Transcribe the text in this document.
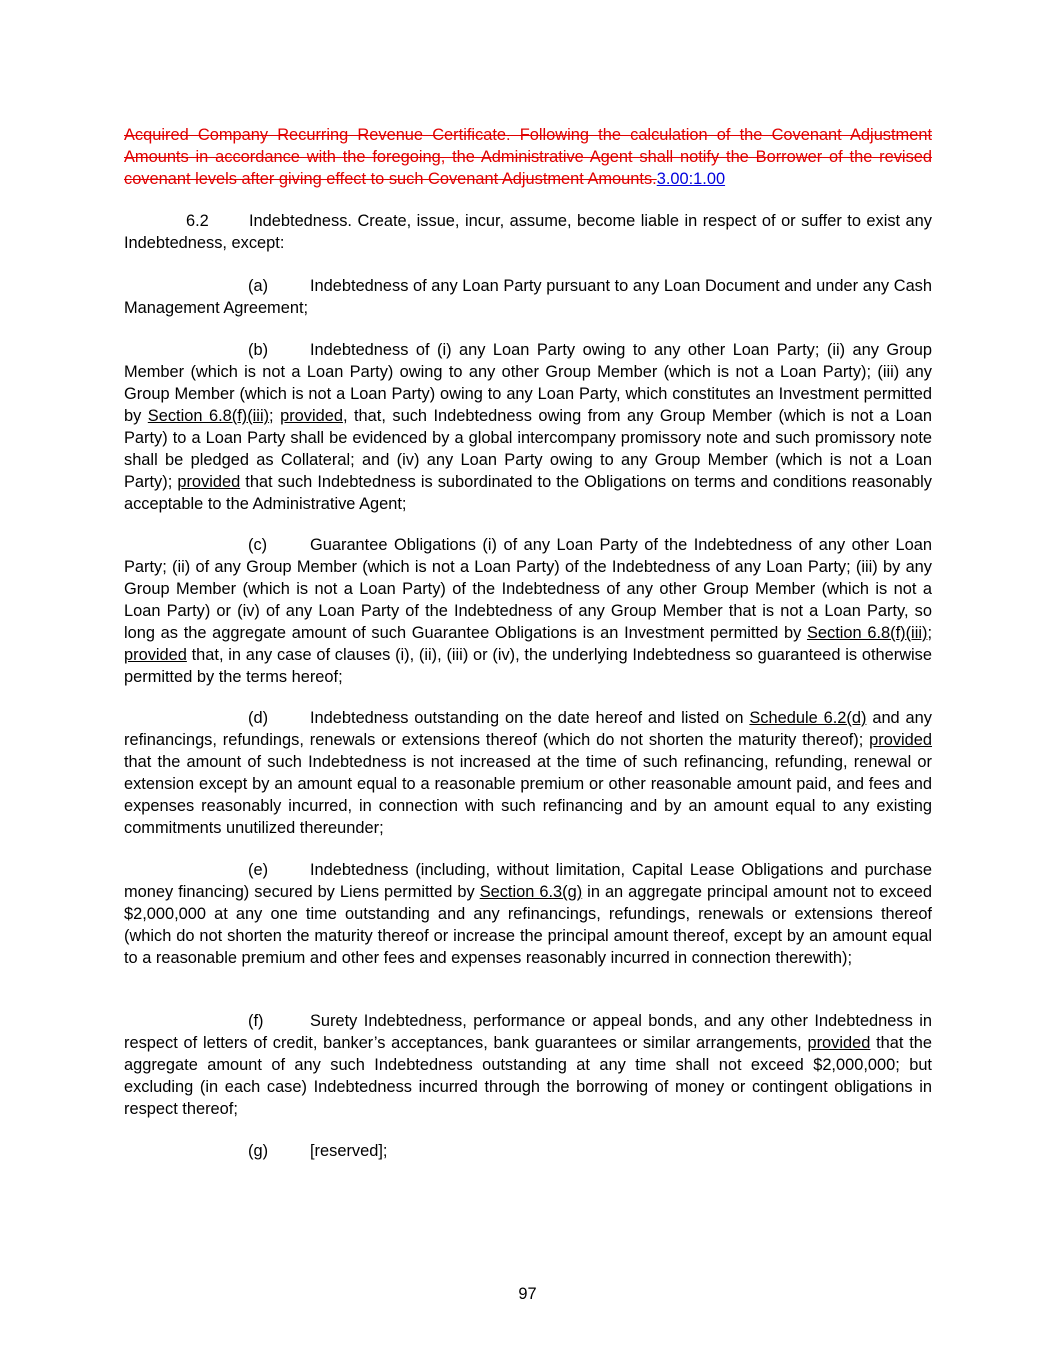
Acquired Company Recurring Revenue Certificate. Following the calculation of the Covenant Adjustment Amounts in accordance with the foregoing, the Administrative Agent shall notify the Borrower of the revised covenant levels after giving effect to such Covenant Adjustment Amounts.3.00:1.00

6.2 Indebtedness. Create, issue, incur, assume, become liable in respect of or suffer to exist any Indebtedness, except:

(a)	Indebtedness of any Loan Party pursuant to any Loan Document and under any Cash Management Agreement;

(b)	Indebtedness of (i) any Loan Party owing to any other Loan Party; (ii) any Group Member (which is not a Loan Party) owing to any other Group Member (which is not a Loan Party); (iii) any Group Member (which is not a Loan Party) owing to any Loan Party, which constitutes an Investment permitted by Section 6.8(f)(iii); provided, that, such Indebtedness owing from any Group Member (which is not a Loan Party) to a Loan Party shall be evidenced by a global intercompany promissory note and such promissory note shall be pledged as Collateral; and (iv) any Loan Party owing to any Group Member (which is not a Loan Party); provided that such Indebtedness is subordinated to the Obligations on terms and conditions reasonably acceptable to the Administrative Agent;

(c)	Guarantee Obligations (i) of any Loan Party of the Indebtedness of any other Loan Party; (ii) of any Group Member (which is not a Loan Party) of the Indebtedness of any Loan Party; (iii) by any Group Member (which is not a Loan Party) of the Indebtedness of any other Group Member (which is not a Loan Party) or (iv) of any Loan Party of the Indebtedness of any Group Member that is not a Loan Party, so long as the aggregate amount of such Guarantee Obligations is an Investment permitted by Section 6.8(f)(iii); provided that, in any case of clauses (i), (ii), (iii) or (iv), the underlying Indebtedness so guaranteed is otherwise permitted by the terms hereof;

(d)	Indebtedness outstanding on the date hereof and listed on Schedule 6.2(d) and any refinancings, refundings, renewals or extensions thereof (which do not shorten the maturity thereof); provided that the amount of such Indebtedness is not increased at the time of such refinancing, refunding, renewal or extension except by an amount equal to a reasonable premium or other reasonable amount paid, and fees and expenses reasonably incurred, in connection with such refinancing and by an amount equal to any existing commitments unutilized thereunder;

(e)	Indebtedness (including, without limitation, Capital Lease Obligations and purchase money financing) secured by Liens permitted by Section 6.3(g) in an aggregate principal amount not to exceed $2,000,000 at any one time outstanding and any refinancings, refundings, renewals or extensions thereof (which do not shorten the maturity thereof or increase the principal amount thereof, except by an amount equal to a reasonable premium and other fees and expenses reasonably incurred in connection therewith);

(f)	Surety Indebtedness, performance or appeal bonds, and any other Indebtedness in respect of letters of credit, banker’s acceptances, bank guarantees or similar arrangements, provided that the aggregate amount of any such Indebtedness outstanding at any time shall not exceed $2,000,000; but excluding (in each case) Indebtedness incurred through the borrowing of money or contingent obligations in respect thereof;

(g)	[reserved];

97
